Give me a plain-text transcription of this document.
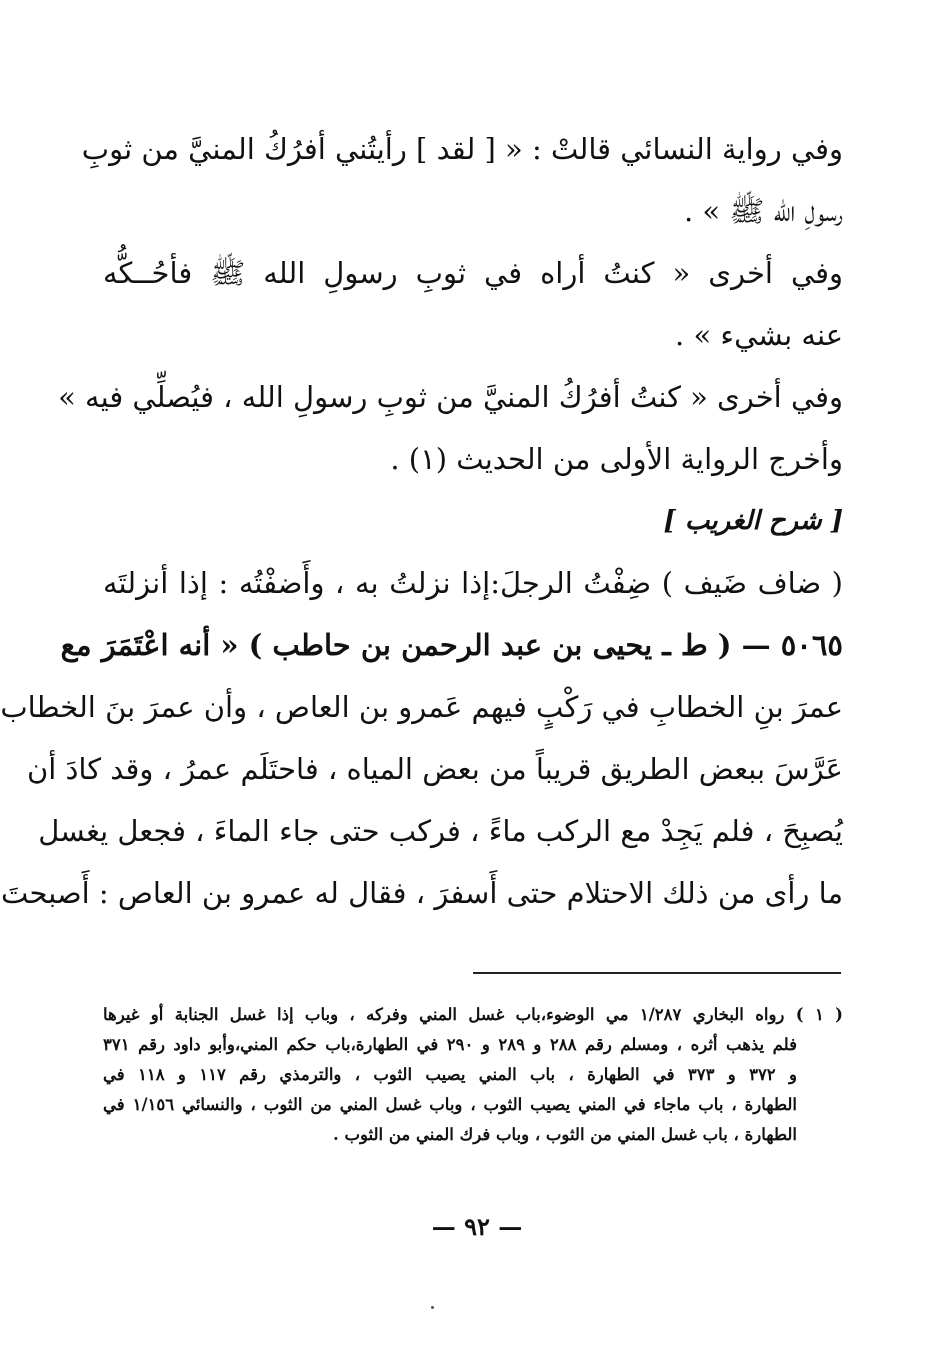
وفي رواية النسائي قالتْ : « [ لقد ] رأيتُني أفرُكُ المنيَّ من ثوبِ
رسولِ الله ﷺ » .
وفي أخرى « كنتُ أراه في ثوبِ رسولِ الله ﷺ فأحُــكُّه
عنه بشيء » .
وفي أخرى « كنتُ أفرُكُ المنيَّ من ثوبِ رسولِ الله ، فيُصلِّي فيه »
وأخرج الرواية الأولى من الحديث (١) .
[ شرح الغريب ]
( ضاف ضَيف ) ضِفْتُ الرجلَ:إذا نزلتُ به ، وأَضفْتُه : إذا أنزلتَه
٥٠٦٥ — ( ط ـ يحيى بن عبد الرحمن بن حاطب ) « أنه اعْتَمَرَ مع
عمرَ بنِ الخطابِ في رَكْبٍ فيهم عَمرو بن العاص ، وأن عمرَ بنَ الخطاب
عَرَّسَ ببعض الطريق قريباً من بعض المياه ، فاحتَلَم عمرُ ، وقد كادَ أن
يُصبِحَ ، فلم يَجِدْ مع الركب ماءً ، فركب حتى جاء الماءَ ، فجعل يغسل
ما رأى من ذلك الاحتلام حتى أَسفرَ ، فقال له عمرو بن العاص : أَصبحتَ
( ١ ) رواه البخاري ١/٢٨٧ مي الوضوء،باب غسل المني وفركه ، وباب إذا غسل الجنابة أو غيرها
فلم يذهب أثره ، ومسلم رقم ٢٨٨ و ٢٨٩ و ٢٩٠ في الطهارة،باب حكم المني،وأبو داود رقم ٣٧١
و ٣٧٢ و ٣٧٣ في الطهارة ، باب المني يصيب الثوب ، والترمذي رقم ١١٧ و ١١٨ في
الطهارة ، باب ماجاء في المني يصيب الثوب ، وباب غسل المني من الثوب ، والنسائي ١/١٥٦ في
الطهارة ، باب غسل المني من الثوب ، وباب فرك المني من الثوب .
— ٩٢ —
